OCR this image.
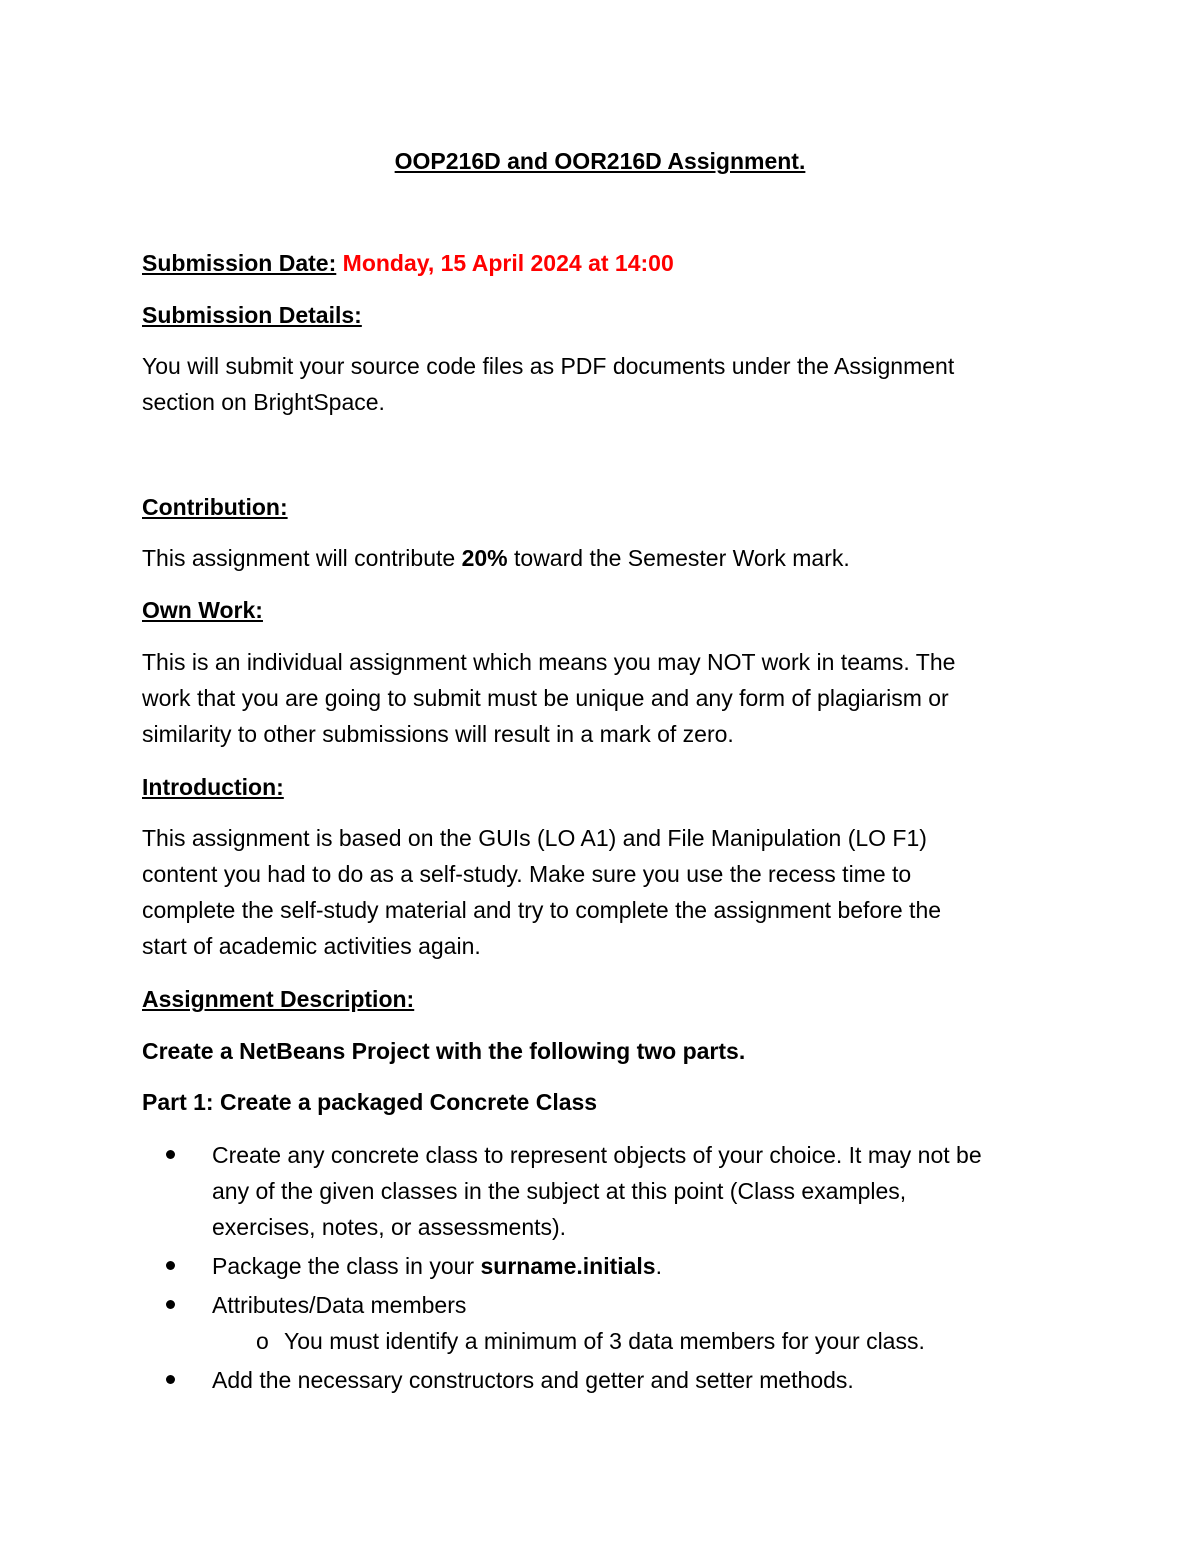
OOP216D and OOR216D Assignment.
Submission Date: Monday, 15 April 2024 at 14:00
Submission Details:

You will submit your source code files as PDF documents under the Assignment

section on BrightSpace.

Contribution:
This assignment will contribute 20% toward the Semester Work mark.
Own Work:

This is an individual assignment which means you may NOT work in teams. The

work that you are going to submit must be unique and any form of plagiarism or

similarity to other submissions will result in a mark of zero.

Introduction:

This assignment is based on the GUIs (LO A1) and File Manipulation (LO F1)

content you had to do as a self-study. Make sure you use the recess time to

complete the self-study material and try to complete the assignment before the

start of academic activities again.

Assignment Description:
Create a NetBeans Project with the following two parts.
Part 1: Create a packaged Concrete Class

Create any concrete class to represent objects of your choice. It may not be

any of the given classes in the subject at this point (Class examples,

exercises, notes, or assessments).

Package the class in your surname.initials.
Attributes/Data members
o You must identify a minimum of 3 data members for your class.
Add the necessary constructors and getter and setter methods.
